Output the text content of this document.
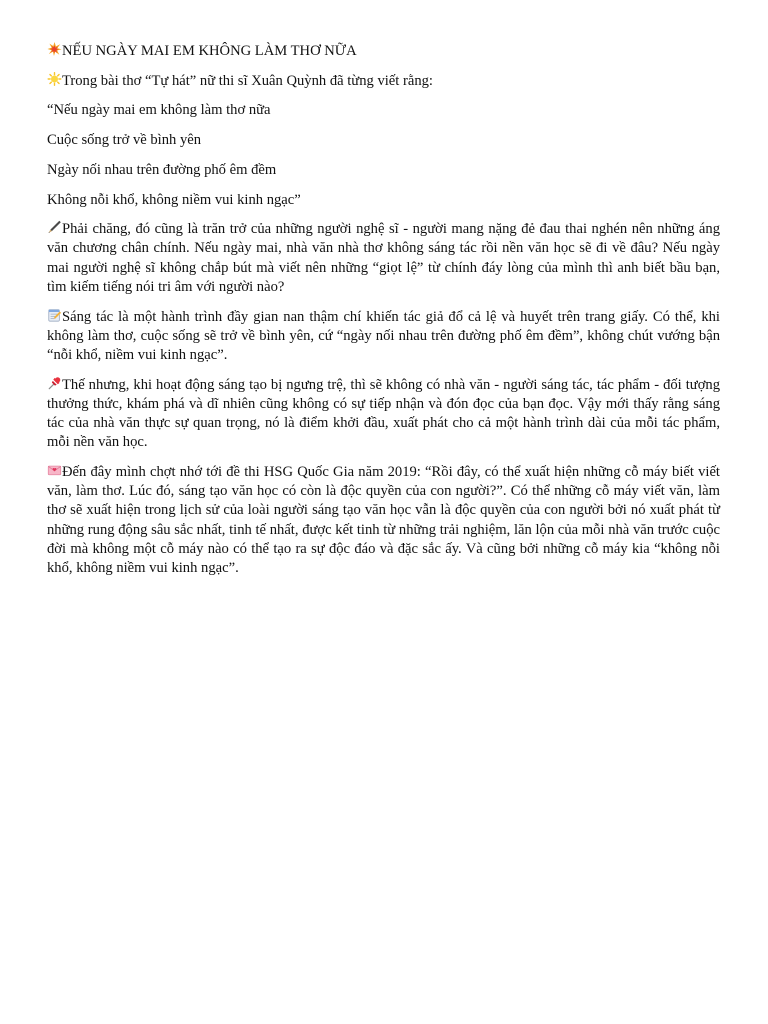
NẾU NGÀY MAI EM KHÔNG LÀM THƠ NỮA

Trong bài thơ “Tự hát” nữ thi sĩ Xuân Quỳnh đã từng viết rằng:

“Nếu ngày mai em không làm thơ nữa

Cuộc sống trở về bình yên

Ngày nối nhau trên đường phố êm đềm

Không nỗi khổ, không niềm vui kinh ngạc”

Phải chăng, đó cũng là trăn trở của những người nghệ sĩ - người mang nặng đẻ đau thai nghén nên những áng văn chương chân chính. Nếu ngày mai, nhà văn nhà thơ không sáng tác rồi nền văn học sẽ đi về đâu? Nếu ngày mai người nghệ sĩ không chắp bút mà viết nên những “giọt lệ” từ chính đáy lòng của mình thì anh biết bầu bạn, tìm kiếm tiếng nói tri âm với người nào?

Sáng tác là một hành trình đầy gian nan thậm chí khiến tác giả đổ cả lệ và huyết trên trang giấy. Có thể, khi không làm thơ, cuộc sống sẽ trở về bình yên, cứ “ngày nối nhau trên đường phố êm đềm”, không chút vướng bận “nỗi khổ, niềm vui kinh ngạc”.

Thế nhưng, khi hoạt động sáng tạo bị ngưng trệ, thì sẽ không có nhà văn - người sáng tác, tác phẩm - đối tượng thưởng thức, khám phá và dĩ nhiên cũng không có sự tiếp nhận và đón đọc của bạn đọc. Vậy mới thấy rằng sáng tác của nhà văn thực sự quan trọng, nó là điểm khởi đầu, xuất phát cho cả một hành trình dài của mỗi tác phẩm, mỗi nền văn học.

Đến đây mình chợt nhớ tới đề thi HSG Quốc Gia năm 2019: “Rồi đây, có thể xuất hiện những cỗ máy biết viết văn, làm thơ. Lúc đó, sáng tạo văn học có còn là độc quyền của con người?”. Có thể những cỗ máy viết văn, làm thơ sẽ xuất hiện trong lịch sử của loài người sáng tạo văn học vẫn là độc quyền của con người bởi nó xuất phát từ những rung động sâu sắc nhất, tinh tế nhất, được kết tinh từ những trải nghiệm, lăn lộn của mỗi nhà văn trước cuộc đời mà không một cỗ máy nào có thể tạo ra sự độc đáo và đặc sắc ấy. Và cũng bởi những cỗ máy kia “không nỗi khổ, không niềm vui kinh ngạc”.
